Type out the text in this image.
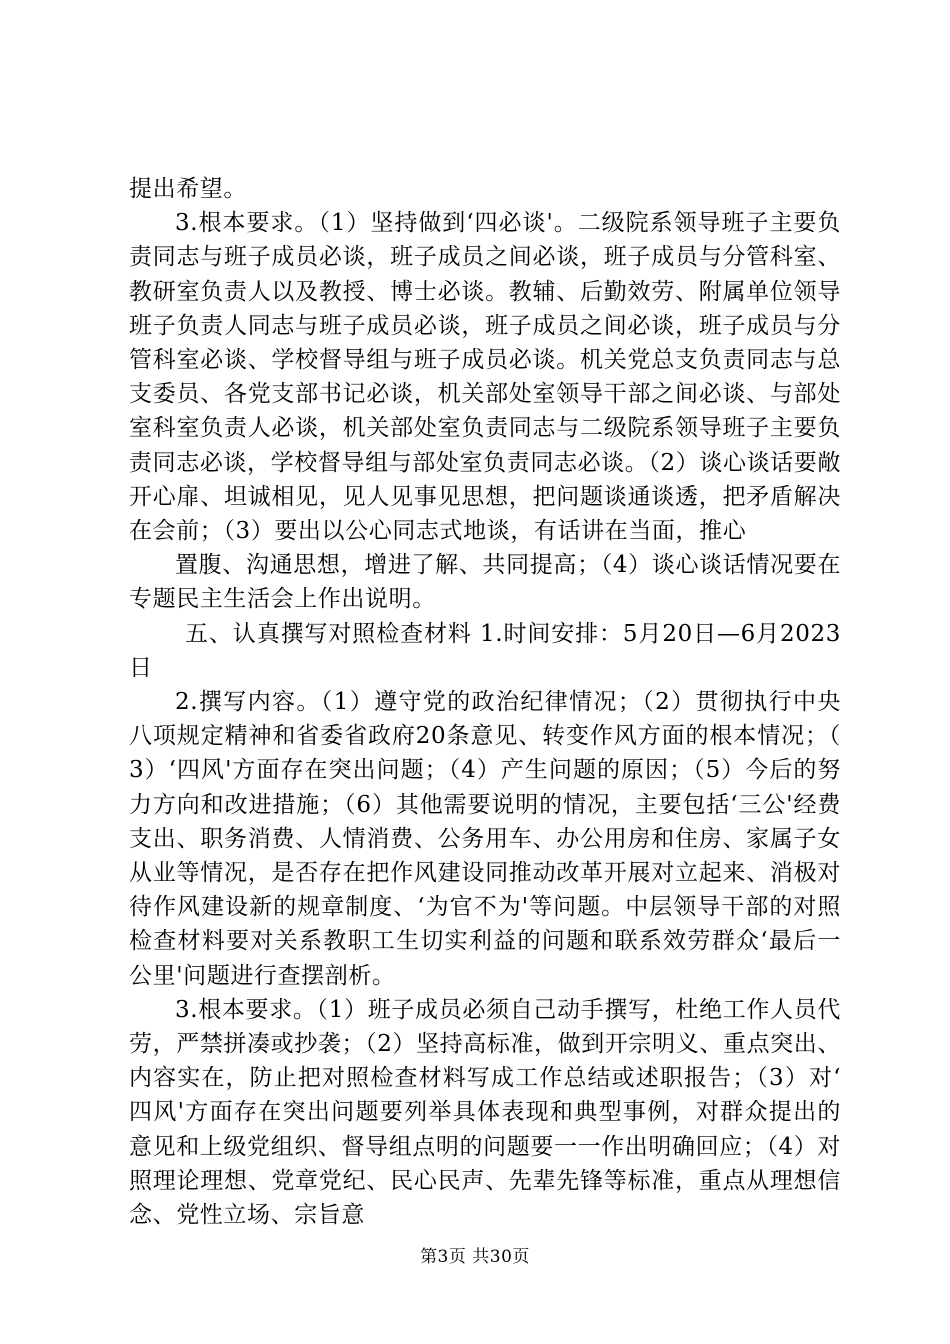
提出希望。

3.根本要求。（1）坚持做到‘四必谈'。二级院系领导班子主要负责同志与班子成员必谈，班子成员之间必谈，班子成员与分管科室、教研室负责人以及教授、博士必谈。教辅、后勤效劳、附属单位领导班子负责人同志与班子成员必谈，班子成员之间必谈，班子成员与分管科室必谈、学校督导组与班子成员必谈。机关党总支负责同志与总支委员、各党支部书记必谈，机关部处室领导干部之间必谈、与部处室科室负责人必谈，机关部处室负责同志与二级院系领导班子主要负责同志必谈，学校督导组与部处室负责同志必谈。（2）谈心谈话要敞开心扉、坦诚相见，见人见事见思想，把问题谈通谈透，把矛盾解决在会前；（3）要出以公心同志式地谈，有话讲在当面，推心

置腹、沟通思想，增进了解、共同提高；（4）谈心谈话情况要在专题民主生活会上作出说明。

五、认真撰写对照检查材料 1.时间安排：5月20日—6月2023日

2.撰写内容。（1）遵守党的政治纪律情况；（2）贯彻执行中央八项规定精神和省委省政府20条意见、转变作风方面的根本情况；（3）‘四风'方面存在突出问题；（4）产生问题的原因；（5）今后的努力方向和改进措施；（6）其他需要说明的情况，主要包括‘三公'经费支出、职务消费、人情消费、公务用车、办公用房和住房、家属子女从业等情况，是否存在把作风建设同推动改革开展对立起来、消极对待作风建设新的规章制度、‘为官不为'等问题。中层领导干部的对照检查材料要对关系教职工生切实利益的问题和联系效劳群众‘最后一公里'问题进行查摆剖析。

3.根本要求。（1）班子成员必须自己动手撰写，杜绝工作人员代劳，严禁拼凑或抄袭；（2）坚持高标准，做到开宗明义、重点突出、内容实在，防止把对照检查材料写成工作总结或述职报告；（3）对‘四风'方面存在突出问题要列举具体表现和典型事例，对群众提出的意见和上级党组织、督导组点明的问题要一一作出明确回应；（4）对照理论理想、党章党纪、民心民声、先辈先锋等标准，重点从理想信念、党性立场、宗旨意

第3页 共30页
